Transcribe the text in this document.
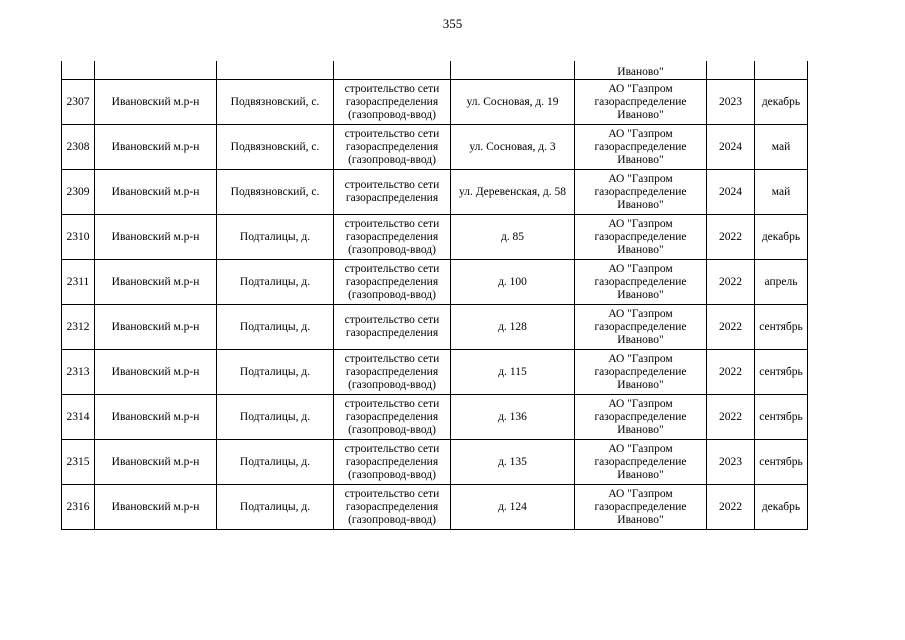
355
					Иваново"		
2307	Ивановский м.р-н	Подвязновский, с.	строительство сети газораспределения (газопровод-ввод)	ул. Сосновая, д. 19	АО "Газпром газораспределение Иваново"	2023	декабрь
2308	Ивановский м.р-н	Подвязновский, с.	строительство сети газораспределения (газопровод-ввод)	ул. Сосновая, д. 3	АО "Газпром газораспределение Иваново"	2024	май
2309	Ивановский м.р-н	Подвязновский, с.	строительство сети газораспределения	ул. Деревенская, д. 58	АО "Газпром газораспределение Иваново"	2024	май
2310	Ивановский м.р-н	Подталицы, д.	строительство сети газораспределения (газопровод-ввод)	д. 85	АО "Газпром газораспределение Иваново"	2022	декабрь
2311	Ивановский м.р-н	Подталицы, д.	строительство сети газораспределения (газопровод-ввод)	д. 100	АО "Газпром газораспределение Иваново"	2022	апрель
2312	Ивановский м.р-н	Подталицы, д.	строительство сети газораспределения	д. 128	АО "Газпром газораспределение Иваново"	2022	сентябрь
2313	Ивановский м.р-н	Подталицы, д.	строительство сети газораспределения (газопровод-ввод)	д. 115	АО "Газпром газораспределение Иваново"	2022	сентябрь
2314	Ивановский м.р-н	Подталицы, д.	строительство сети газораспределения (газопровод-ввод)	д. 136	АО "Газпром газораспределение Иваново"	2022	сентябрь
2315	Ивановский м.р-н	Подталицы, д.	строительство сети газораспределения (газопровод-ввод)	д. 135	АО "Газпром газораспределение Иваново"	2023	сентябрь
2316	Ивановский м.р-н	Подталицы, д.	строительство сети газораспределения (газопровод-ввод)	д. 124	АО "Газпром газораспределение Иваново"	2022	декабрь
